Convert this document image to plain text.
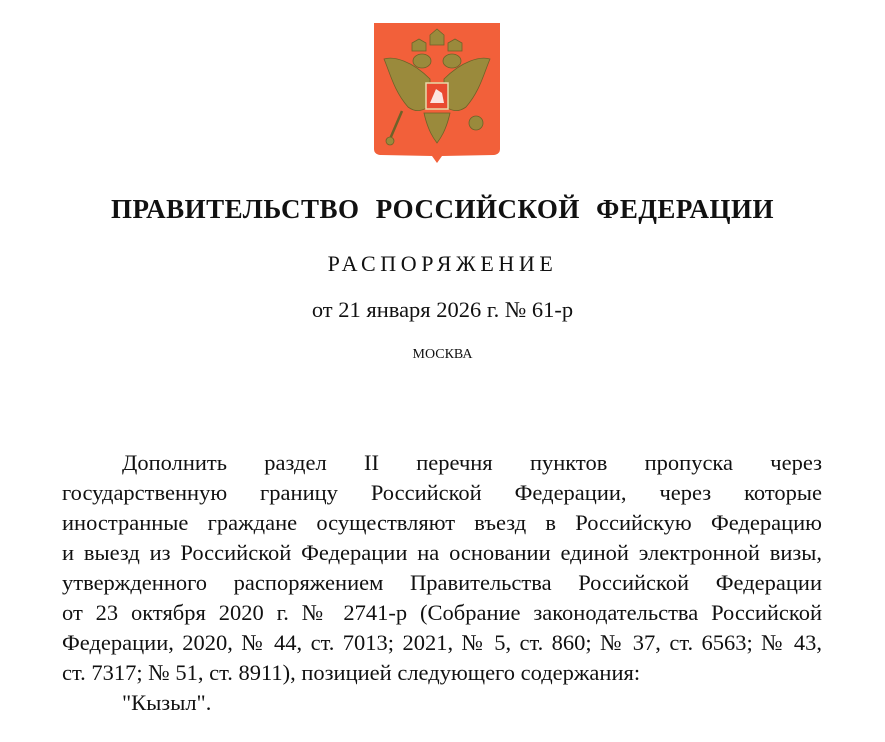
ПРАВИТЕЛЬСТВО РОССИЙСКОЙ ФЕДЕРАЦИИ
РАСПОРЯЖЕНИЕ
от 21 января 2026 г. № 61-р
МОСКВА
Дополнить раздел II перечня пунктов пропуска через
государственную границу Российской Федерации, через которые
иностранные граждане осуществляют въезд в Российскую Федерацию
и выезд из Российской Федерации на основании единой электронной визы,
утвержденного распоряжением Правительства Российской Федерации
от 23 октября 2020 г. № 2741-р (Собрание законодательства Российской
Федерации, 2020, № 44, ст. 7013; 2021, № 5, ст. 860; № 37, ст. 6563; № 43,
ст. 7317; № 51, ст. 8911), позицией следующего содержания:
"Кызыл".
